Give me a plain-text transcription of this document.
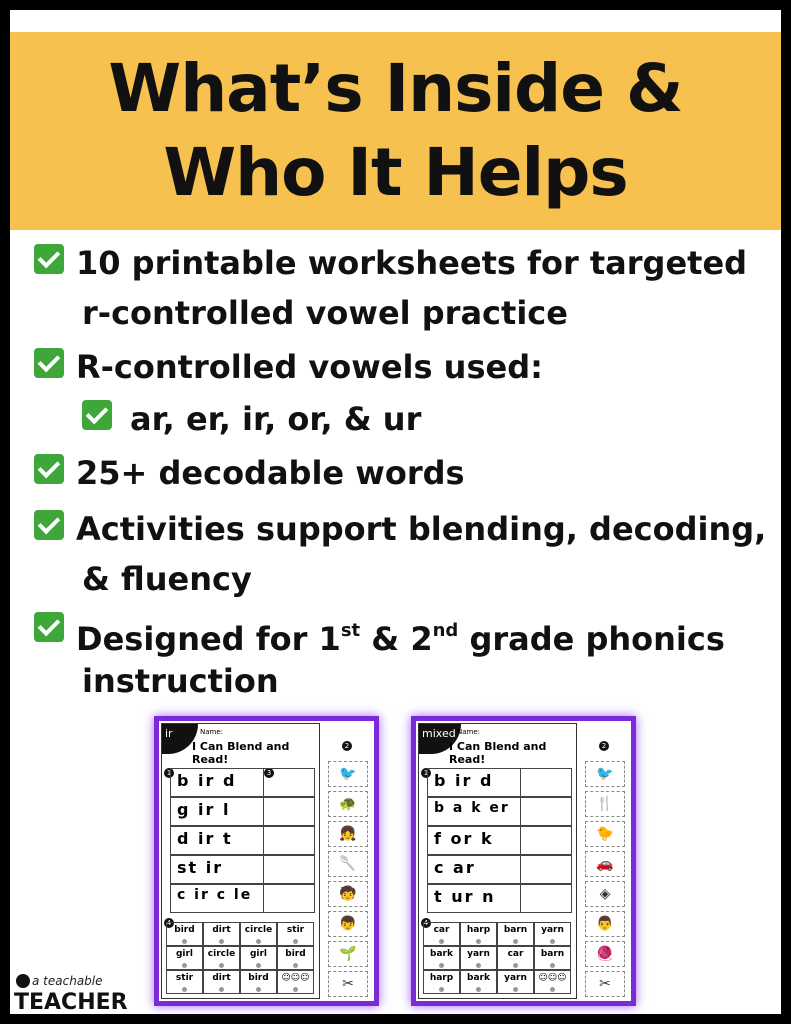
What’s Inside &
Who It Helps
10 printable worksheets for targeted
r-controlled vowel practice
R-controlled vowels used:
ar, er, ir, or, & ur
25+ decodable words
Activities support blending, decoding,
& fluency
Designed for 1st & 2nd grade phonics
instruction
ir	Name:
I Can Blend and Read!
1	3
b ir d
g ir l
d ir t
st ir
c ir c le
4
bird	dirt	circle	stir
girl	circle	girl	bird
stir	dirt	bird	☺☺☺
2
🐦
🐢
👧
🥄
🧒
👦
🌱
✂
mixed Name:
I Can Blend and Read!
1 b ir d
b a k er
f or k
c ar
t ur n
4
car	harp	barn	yarn
bark	yarn	car	barn
harp	bark	yarn	☺☺☺
2
🐦
🍴
🐤
🚗
◈
👨
🧶
✂
a teachable
TEACHER
